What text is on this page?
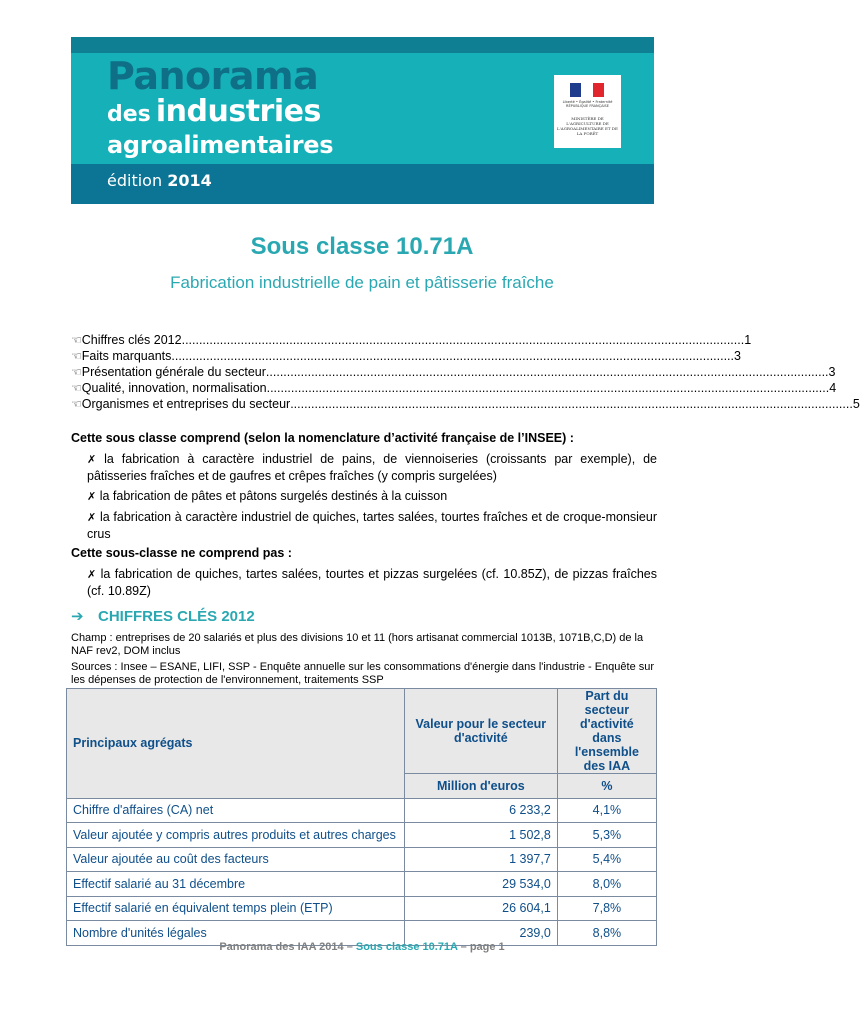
Panorama
des industries
agroalimentaires
édition 2014
Liberté • Égalité • Fraternité RÉPUBLIQUE FRANÇAISE
MINISTÈRE DE L'AGRICULTURE DE L'AGROALIMENTAIRE ET DE LA FORÊT
Sous classe 10.71A
Fabrication industrielle de pain et pâtisserie fraîche
☜ Chiffres clés 2012 .................................................................................................................................................................. 1
☜ Faits marquants .................................................................................................................................................................. 3
☜ Présentation générale du secteur .................................................................................................................................................................. 3
☜ Qualité, innovation, normalisation .................................................................................................................................................................. 4
☜ Organismes et entreprises du secteur .................................................................................................................................................................. 5
Cette sous classe comprend (selon la nomenclature d’activité française de l’INSEE) :
✗ la fabrication à caractère industriel de pains, de viennoiseries (croissants par exemple), de pâtisseries fraîches et de gaufres et crêpes fraîches (y compris surgelées)
✗ la fabrication de pâtes et pâtons surgelés destinés à la cuisson
✗ la fabrication à caractère industriel de quiches, tartes salées, tourtes fraîches et de croque-monsieur crus
Cette sous-classe ne comprend pas :
✗ la fabrication de quiches, tartes salées, tourtes et pizzas surgelées (cf. 10.85Z), de pizzas fraîches (cf. 10.89Z)
➔ CHIFFRES CLÉS 2012
Champ : entreprises de 20 salariés et plus des divisions 10 et 11 (hors artisanat commercial 1013B, 1071B,C,D) de la NAF rev2, DOM inclus
Sources : Insee – ESANE, LIFI, SSP - Enquête annuelle sur les consommations d'énergie dans l'industrie - Enquête sur les dépenses de protection de l'environnement, traitements SSP
Principaux agrégats	Valeur pour le secteur d'activité	Part du secteur d'activité dans l'ensemble des IAA
	Million d'euros	%
Chiffre d'affaires (CA) net	6 233,2	4,1%
Valeur ajoutée y compris autres produits et autres charges	1 502,8	5,3%
Valeur ajoutée au coût des facteurs	1 397,7	5,4%
Effectif salarié au 31 décembre	29 534,0	8,0%
Effectif salarié en équivalent temps plein (ETP)	26 604,1	7,8%
Nombre d'unités légales	239,0	8,8%
Panorama des IAA 2014 – Sous classe 10.71A – page 1
